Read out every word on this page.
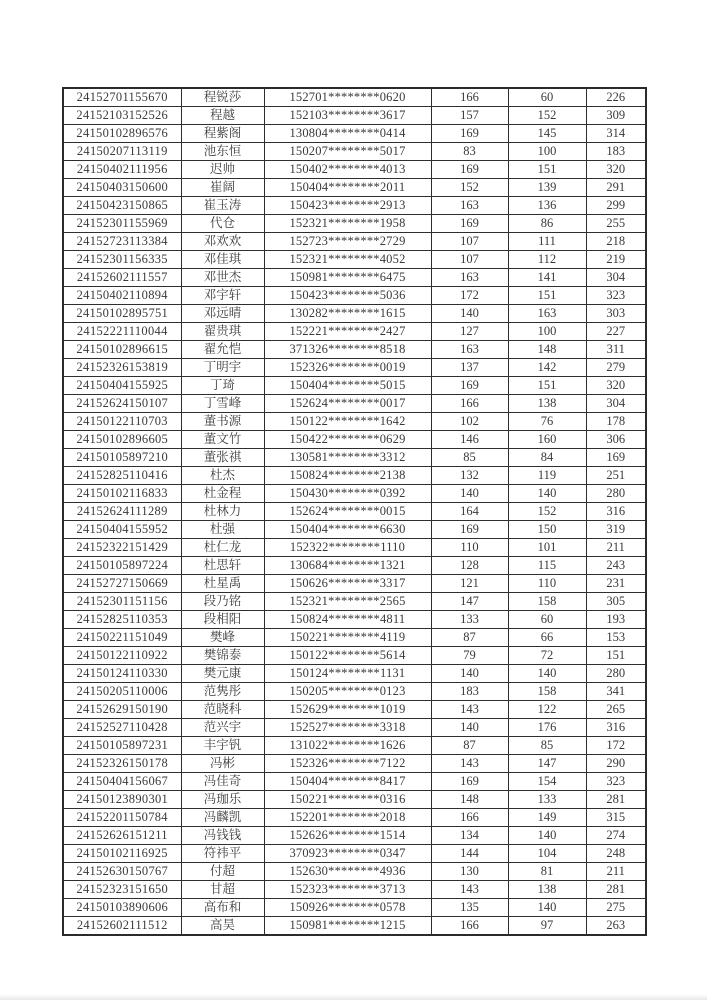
24152701155670	程锐莎	152701********0620	166	60	226
24152103152526	程越	152103********3617	157	152	309
24150102896576	程紫阁	130804********0414	169	145	314
24150207113119	池东恒	150207********5017	83	100	183
24150402111956	迟帅	150402********4013	169	151	320
24150403150600	崔阔	150404********2011	152	139	291
24150423150865	崔玉涛	150423********2913	163	136	299
24152301155969	代仓	152321********1958	169	86	255
24152723113384	邓欢欢	152723********2729	107	111	218
24152301156335	邓佳琪	152321********4052	107	112	219
24152602111557	邓世杰	150981********6475	163	141	304
24150402110894	邓宇轩	150423********5036	172	151	323
24150102895751	邓远晴	130282********1615	140	163	303
24152221110044	翟贵琪	152221********2427	127	100	227
24150102896615	翟允恺	371326********8518	163	148	311
24152326153819	丁明宇	152326********0019	137	142	279
24150404155925	丁琦	150404********5015	169	151	320
24152624150107	丁雪峰	152624********0017	166	138	304
24150122110703	董书源	150122********1642	102	76	178
24150102896605	董文竹	150422********0629	146	160	306
24150105897210	董张祺	130581********3312	85	84	169
24152825110416	杜杰	150824********2138	132	119	251
24150102116833	杜金程	150430********0392	140	140	280
24152624111289	杜林力	152624********0015	164	152	316
24150404155952	杜强	150404********6630	169	150	319
24152322151429	杜仁龙	152322********1110	110	101	211
24150105897224	杜思轩	130684********1321	128	115	243
24152727150669	杜星禹	150626********3317	121	110	231
24152301151156	段乃铭	152321********2565	147	158	305
24152825110353	段相阳	150824********4811	133	60	193
24150221151049	樊峰	150221********4119	87	66	153
24150122110922	樊锦泰	150122********5614	79	72	151
24150124110330	樊元康	150124********1131	140	140	280
24150205110006	范隽彤	150205********0123	183	158	341
24152629150190	范晓科	152629********1019	143	122	265
24152527110428	范兴宇	152527********3318	140	176	316
24150105897231	丰宇钒	131022********1626	87	85	172
24152326150178	冯彬	152326********7122	143	147	290
24150404156067	冯佳奇	150404********8417	169	154	323
24150123890301	冯珈乐	150221********0316	148	133	281
24152201150784	冯麟凯	152201********2018	166	149	315
24152626151211	冯钱钱	152626********1514	134	140	274
24150102116925	符祎平	370923********0347	144	104	248
24152630150767	付超	152630********4936	130	81	211
24152323151650	甘超	152323********3713	143	138	281
24150103890606	高布和	150926********0578	135	140	275
24152602111512	高昊	150981********1215	166	97	263
